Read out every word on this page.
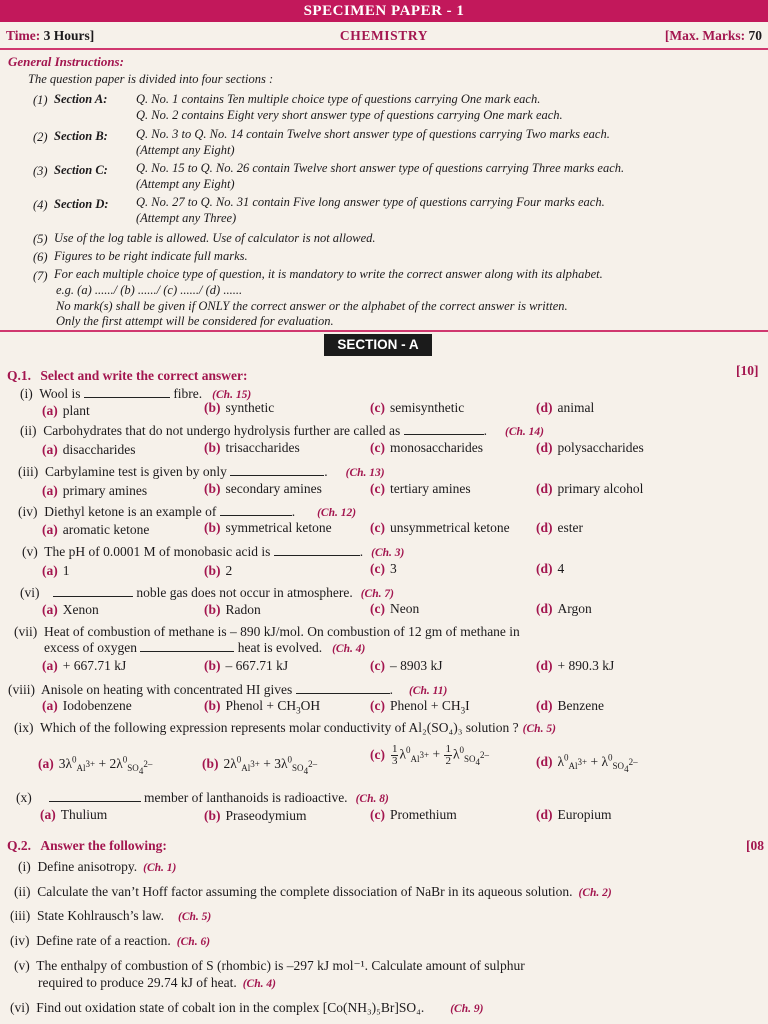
SPECIMEN PAPER - 1
Time: 3 Hours]	CHEMISTRY	[Max. Marks: 70
General Instructions:
The question paper is divided into four sections :
(1) Section A: Q. No. 1 contains Ten multiple choice type of questions carrying One mark each.
Q. No. 2 contains Eight very short answer type of questions carrying One mark each.
(2) Section B: Q. No. 3 to Q. No. 14 contain Twelve short answer type of questions carrying Two marks each.
(Attempt any Eight)
(3) Section C: Q. No. 15 to Q. No. 26 contain Twelve short answer type of questions carrying Three marks each.
(Attempt any Eight)
(4) Section D: Q. No. 27 to Q. No. 31 contain Five long answer type of questions carrying Four marks each.
(Attempt any Three)
(5) Use of the log table is allowed. Use of calculator is not allowed.
(6) Figures to be right indicate full marks.
(7) For each multiple choice type of question, it is mandatory to write the correct answer along with its alphabet.
e.g. (a) ....../ (b) ....../ (c) ....../ (d) ......
No mark(s) shall be given if ONLY the correct answer or the alphabet of the correct answer is written.
Only the first attempt will be considered for evaluation.
SECTION - A
Q.1. Select and write the correct answer:	[10]
(i) Wool is	fibre. (Ch. 15)
(a) plant	(b) synthetic	(c) semisynthetic	(d) animal
(ii) Carbohydrates that do not undergo hydrolysis further are called as	. (Ch. 14)
(a) disaccharides	(b) trisaccharides	(c) monosaccharides	(d) polysaccharides
(iii) Carbylamine test is given by only	. (Ch. 13)
(a) primary amines	(b) secondary amines	(c) tertiary amines	(d) primary alcohol
(iv) Diethyl ketone is an example of	. (Ch. 12)
(a) aromatic ketone	(b) symmetrical ketone	(c) unsymmetrical ketone (d) ester
(v) The pH of 0.0001 M of monobasic acid is	. (Ch. 3)
(a) 1	(b) 2	(c) 3	(d) 4
(vi)	noble gas does not occur in atmosphere. (Ch. 7)
(a) Xenon	(b) Radon	(c) Neon	(d) Argon
(vii) Heat of combustion of methane is – 890 kJ/mol. On combustion of 12 gm of methane in
excess of oxygen	heat is evolved. (Ch. 4)
(a) + 667.71 kJ	(b) – 667.71 kJ	(c) – 8903 kJ	(d) + 890.3 kJ
(viii) Anisole on heating with concentrated HI gives	. (Ch. 11)
(a) Iodobenzene	(b) Phenol + $CH_3OH$	(c) Phenol + $CH_3I$	(d) Benzene
(ix) Which of the following expression represents molar conductivity of Al₂(SO₄)₃ solution ? (Ch. 5)
(a) $3\lambda^0_{Al^{3+}} + 2\lambda^0_{SO_4^{2-}}$	(b) $2\lambda^0_{Al^{3+}} + 3\lambda^0_{SO_4^{2-}}$
$(c) \frac{1}{3} \lambda^0_{Al^{3+}} + \frac{1}{2} \lambda^0_{SO_4^{2-}}$	(d) $\lambda^0_{Al^{3+}} + \lambda^0_{SO_4^{2-}}$
(x)	member of lanthanoids is radioactive. (Ch. 8)
(a) Thulium	(b) Praseodymium	(c) Promethium	(d) Europium
Q.2. Answer the following:	[08
(i) Define anisotropy. (Ch. 1)
(ii) Calculate the van’t Hoff factor assuming the complete dissociation of NaBr in its aqueous solution. (Ch. 2)
(iii) State Kohlrausch’s law. (Ch. 5)
(iv) Define rate of a reaction. (Ch. 6)
(v) The enthalpy of combustion of S (rhombic) is –297 kJ mol⁻¹. Calculate amount of sulphur
required to produce 29.74 kJ of heat. (Ch. 4)
(vi) Find out oxidation state of cobalt ion in the complex [Co(NH₃)₅Br]SO₄. (Ch. 9)
